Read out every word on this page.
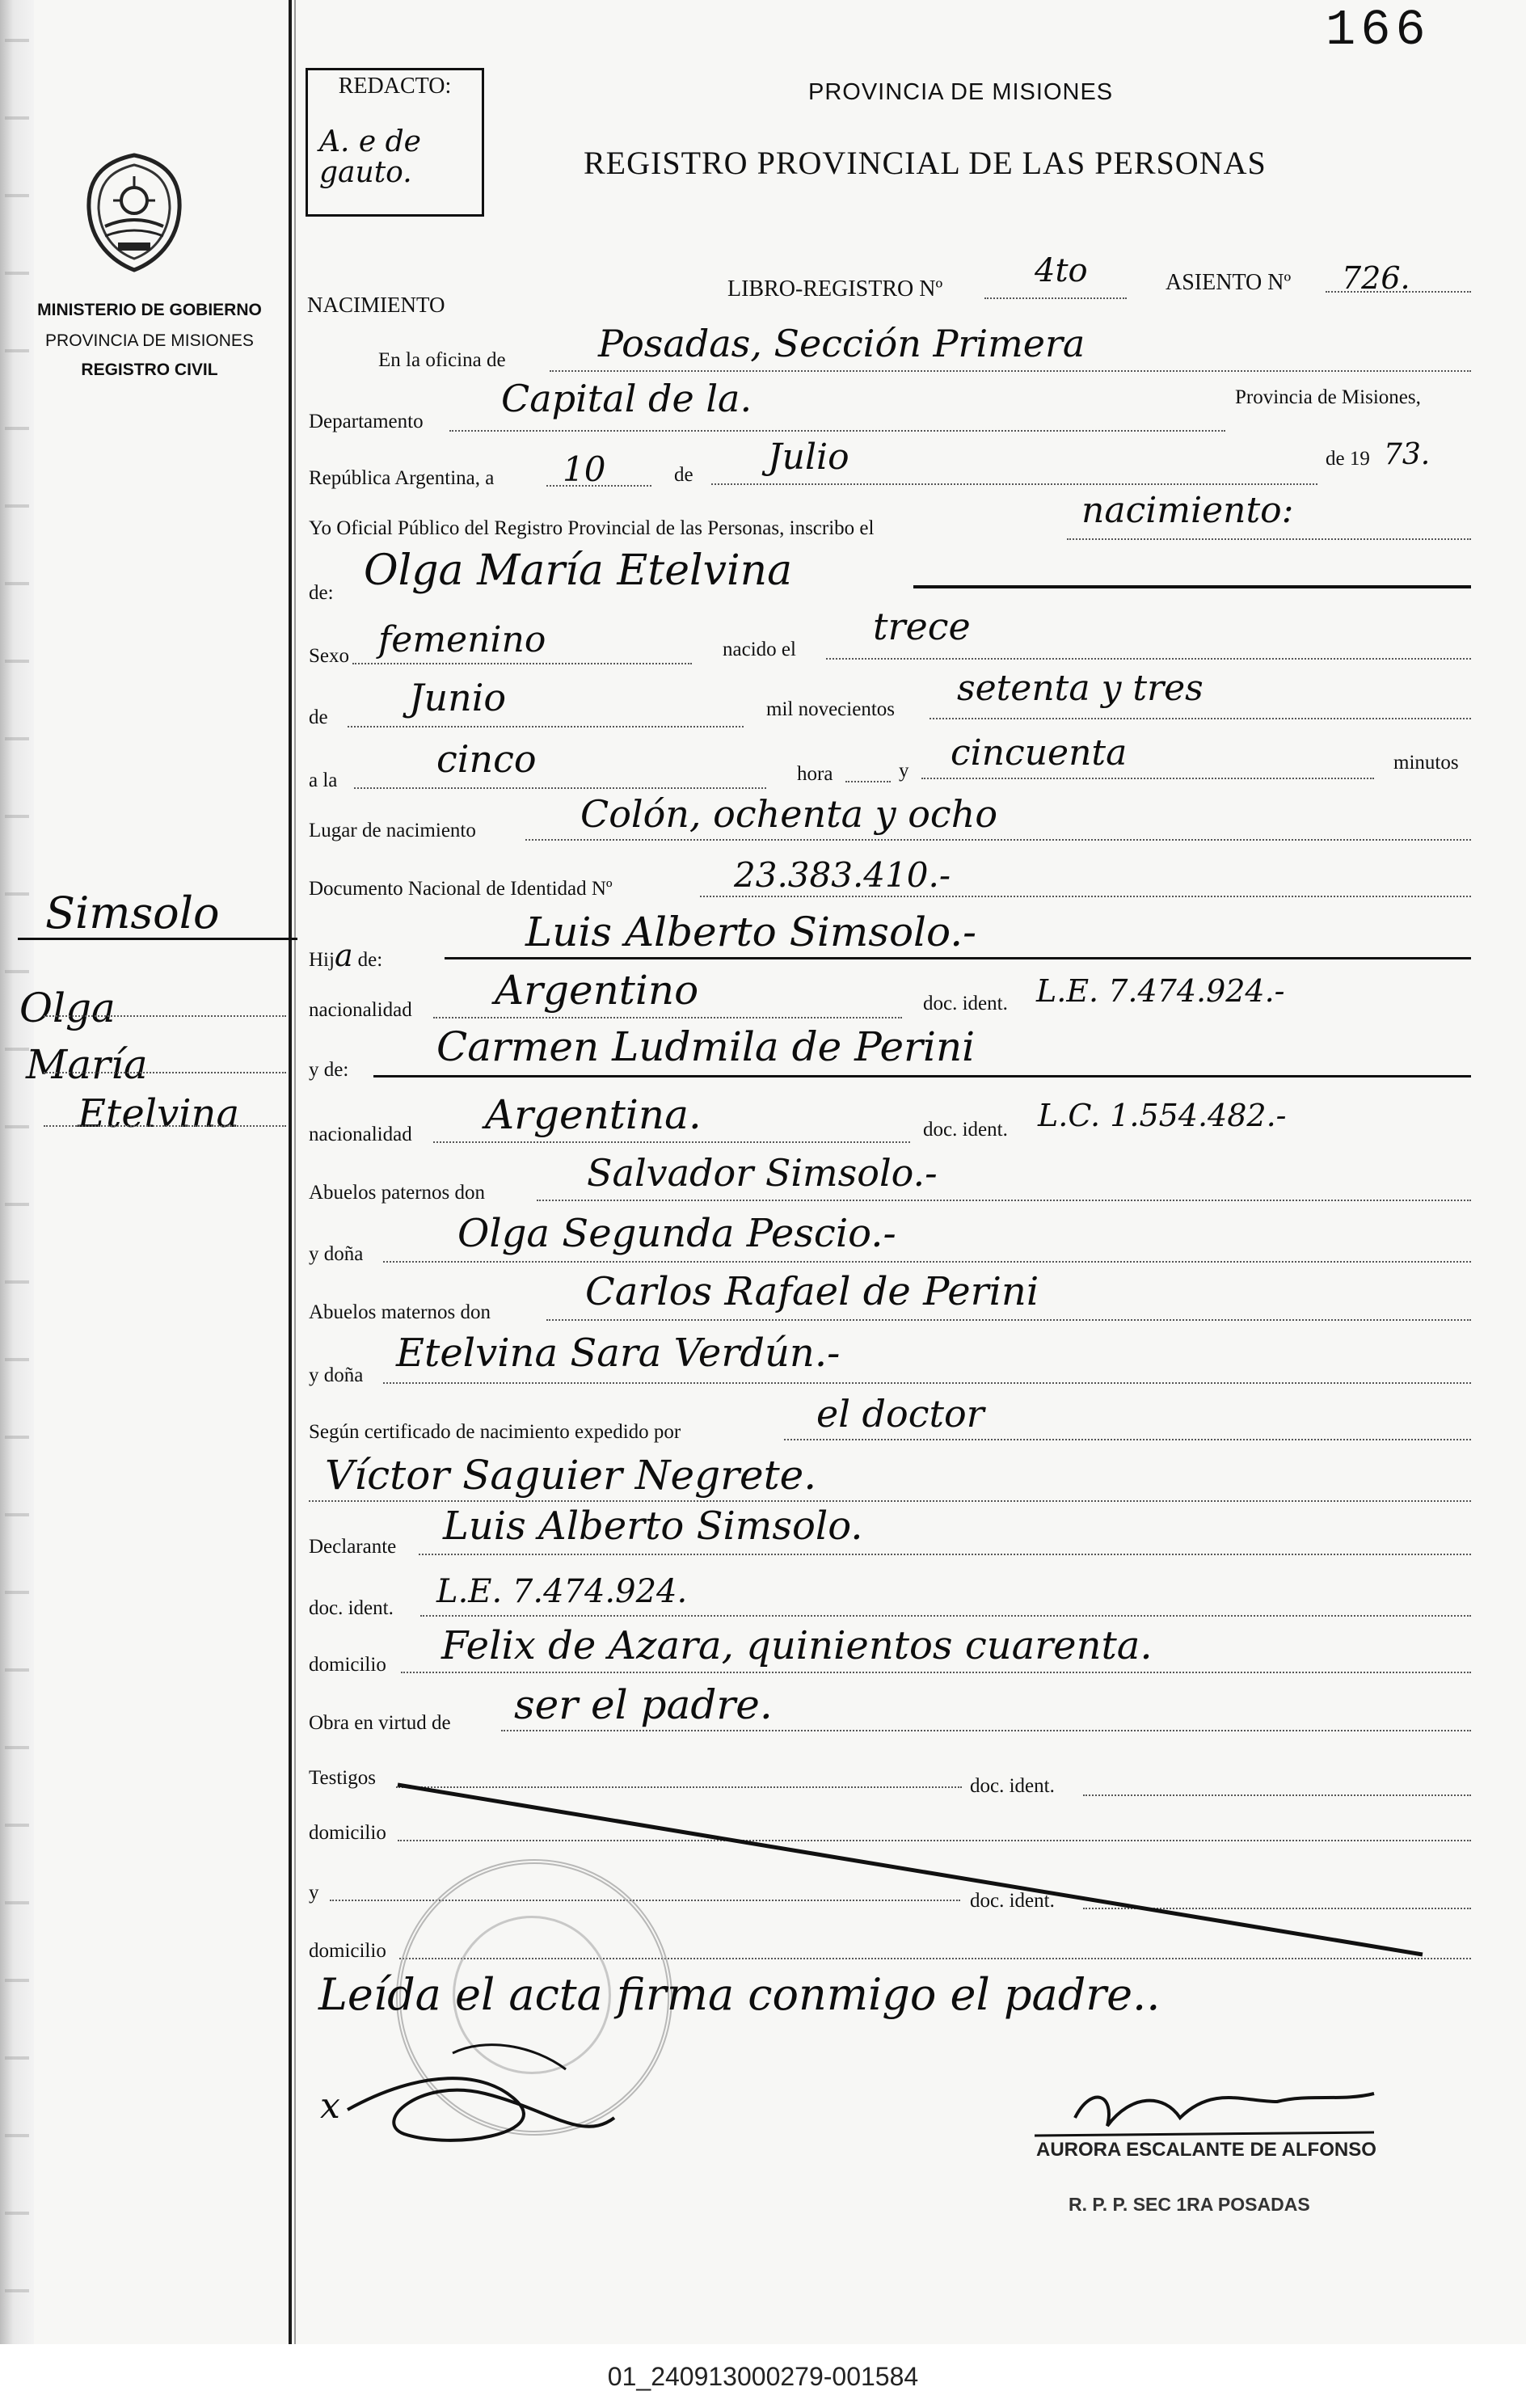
166
REDACTO:
A. e de gauto.
PROVINCIA DE MISIONES
REGISTRO PROVINCIAL DE LAS PERSONAS
MINISTERIO DE GOBIERNO
PROVINCIA DE MISIONES
REGISTRO CIVIL
Simsolo
Olga
María
Etelvina
NACIMIENTO
LIBRO-REGISTRO Nº	4to	ASIENTO Nº 726.
En la oficina de Posadas, Sección Primera
Departamento
Capital de la.	Provincia de Misiones,
República Argentina, a 10	de Julio	de 19 73.
Yo Oficial Público del Registro Provincial de las Personas, inscribo el	nacimiento:
de: Olga María Etelvina
Sexo femenino	nacido el
trece
de Junio	mil novecientos
setenta y tres
a la	cinco	hora	y cincuenta	minutos
Lugar de nacimiento	Colón, ochenta y ocho
Documento Nacional de Identidad Nº	23.383.410.-
Hija de:
Luis Alberto Simsolo.-
nacionalidad Argentino	doc. ident. L.E. 7.474.924.-
y de: Carmen Ludmila de Perini
nacionalidad Argentina.	doc. ident. L.C. 1.554.482.-
Abuelos paternos don	Salvador Simsolo.-
y doña Olga Segunda Pescio.-
Abuelos maternos don Carlos Rafael de Perini
y doña Etelvina Sara Verdún.-
Según certificado de nacimiento expedido por	el doctor
Víctor Saguier Negrete.
Declarante Luis Alberto Simsolo.
doc. ident. L.E. 7.474.924.
domicilio Felix de Azara, quinientos cuarenta.
Obra en virtud de ser el padre.
Testigos	doc. ident.
domicilio
y	doc. ident.
domicilio
Leída el acta firma conmigo el padre..
x
AURORA ESCALANTE DE ALFONSO
R. P. P. SEC 1RA POSADAS
01_240913000279-001584
